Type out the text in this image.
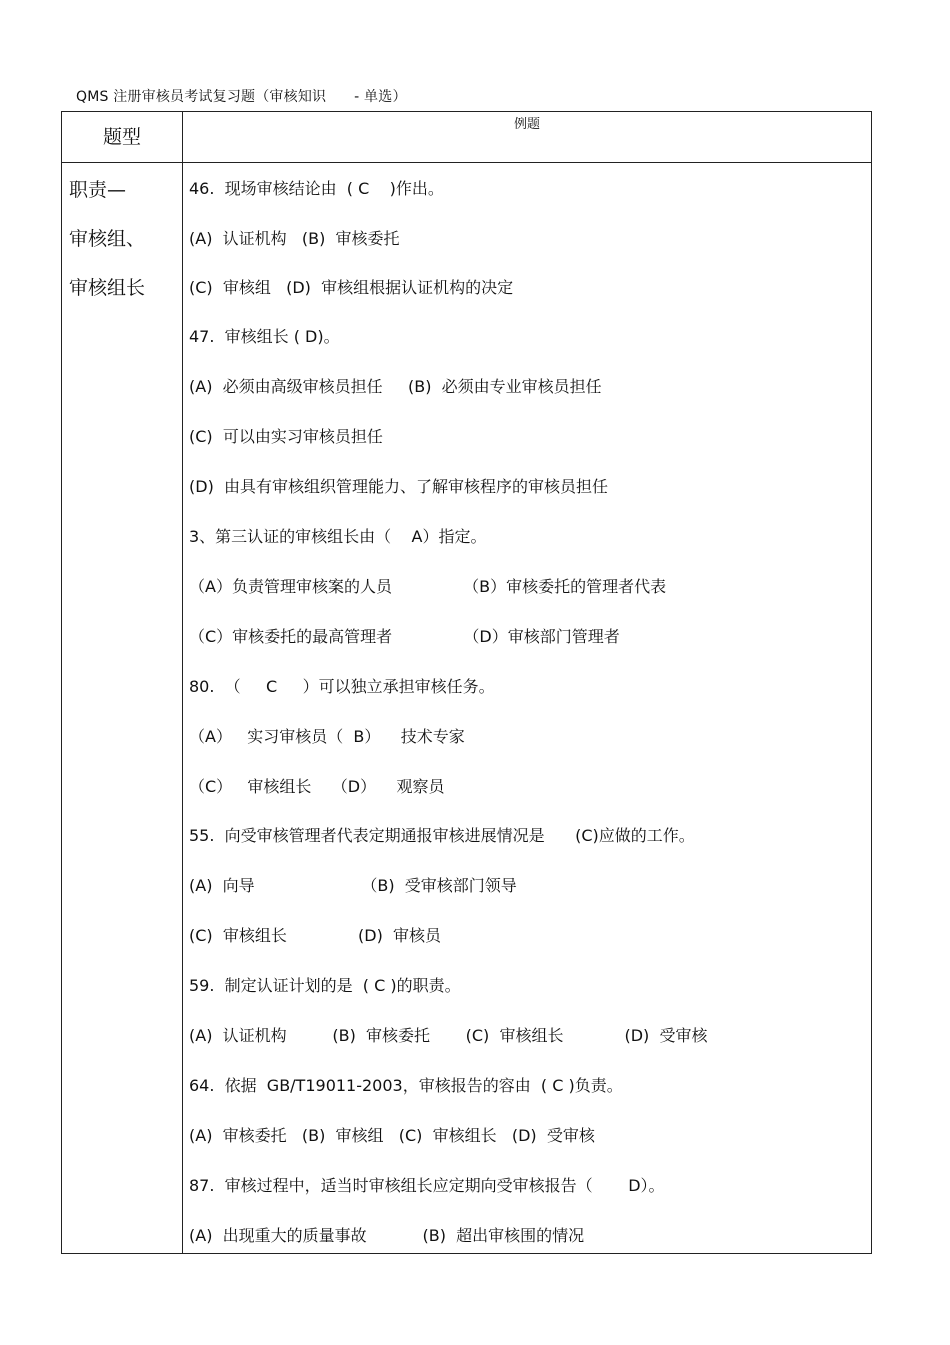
QMS 注册审核员考试复习题（审核知识      - 单选）
题型
例题
职责—
审核组、
审核组长
46.  现场审核结论由  ( C    )作出。
(A)  认证机构   (B)  审核委托
(C)  审核组   (D)  审核组根据认证机构的决定
47.  审核组长 ( D)。
(A)  必须由高级审核员担任     (B)  必须由专业审核员担任
(C)  可以由实习审核员担任
(D)  由具有审核组织管理能力、了解审核程序的审核员担任
3、第三认证的审核组长由（    A）指定。
（A）负责管理审核案的人员              （B）审核委托的管理者代表
（C）审核委托的最高管理者              （D）审核部门管理者
80.  （     C     ）可以独立承担审核任务。
（A）   实习审核员（  B）    技术专家
（C）   审核组长    （D）    观察员
55.  向受审核管理者代表定期通报审核进展情况是      (C)应做的工作。
(A)  向导                     （B)  受审核部门领导
(C)  审核组长              (D)  审核员
59.  制定认证计划的是  ( C )的职责。
(A)  认证机构         (B)  审核委托       (C)  审核组长            (D)  受审核
64.  依据  GB/T19011-2003，审核报告的容由  ( C )负责。
(A)  审核委托   (B)  审核组   (C)  审核组长   (D)  受审核
87.  审核过程中，适当时审核组长应定期向受审核报告（       D）。
(A)  出现重大的质量事故           (B)  超出审核围的情况
